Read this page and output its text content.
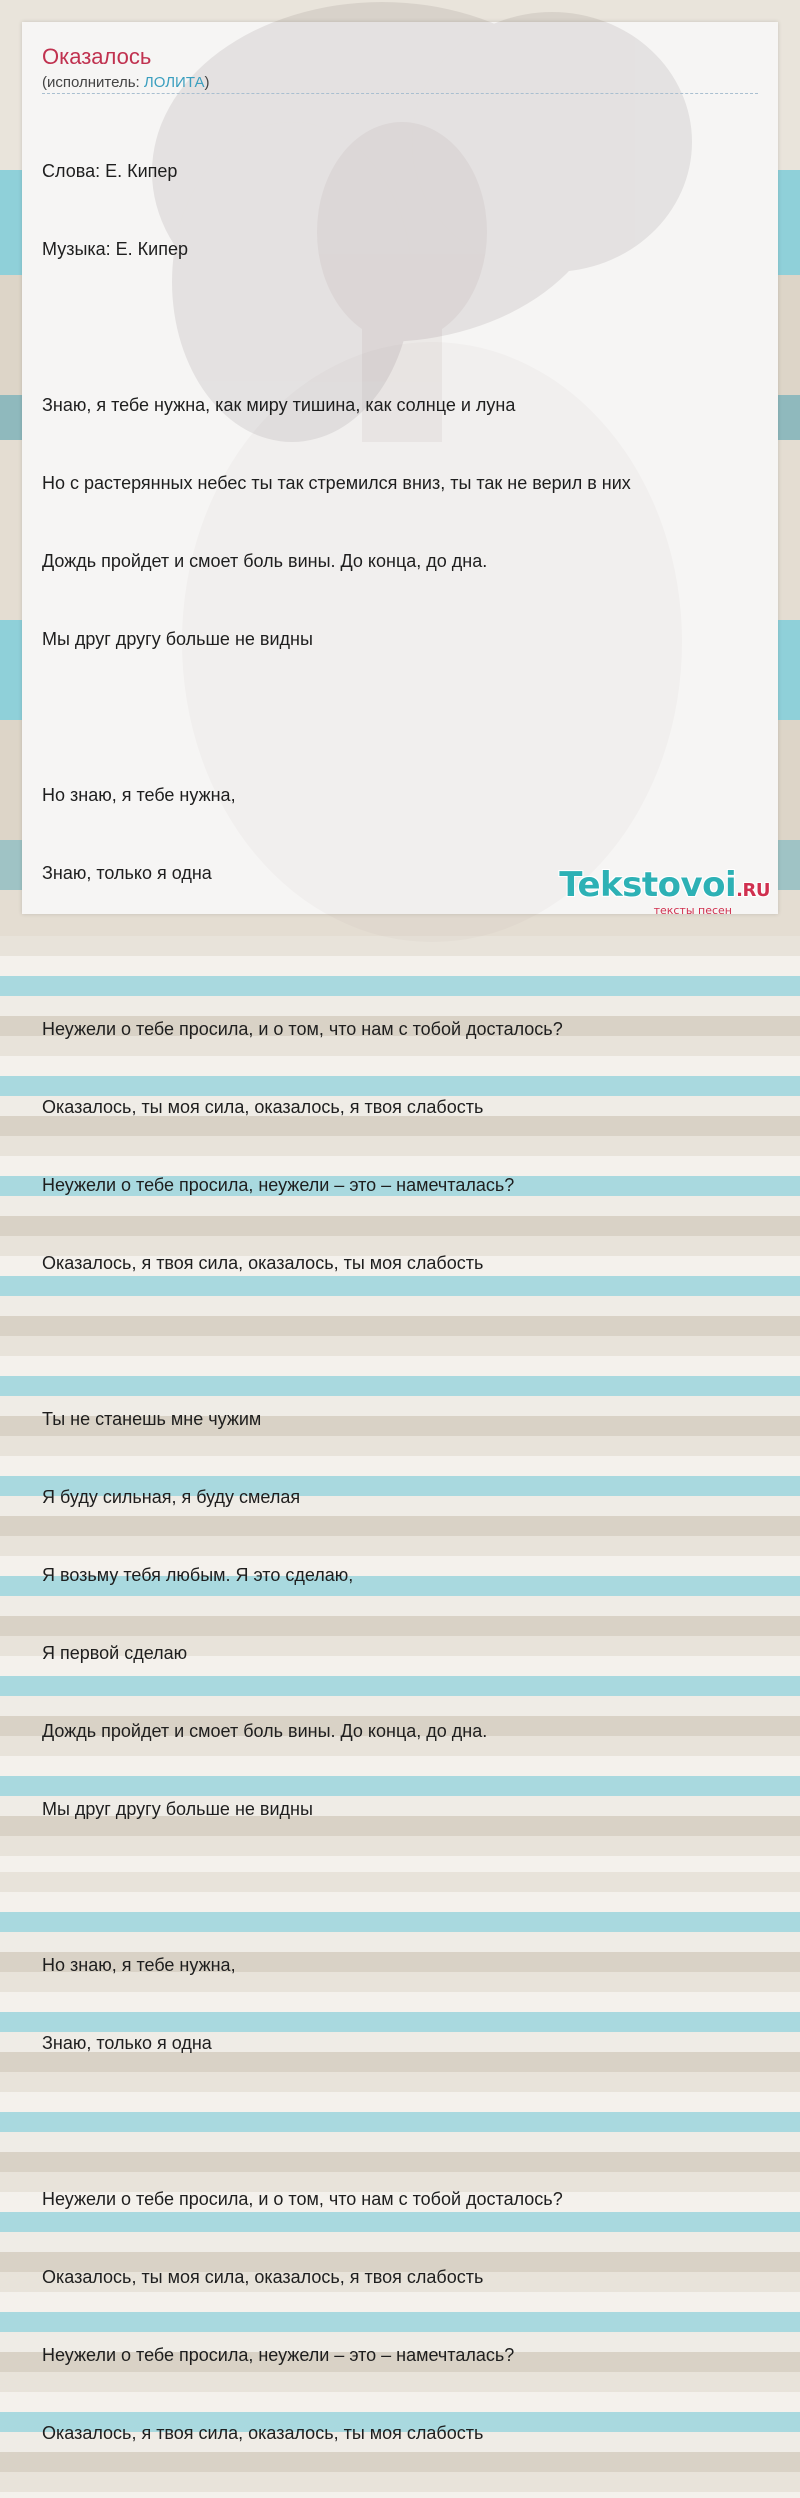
Оказалось
(исполнитель: ЛОЛИТА)

Слова: Е. Кипер

Музыка: Е. Кипер

Знаю, я тебе нужна, как миру тишина, как солнце и луна

Но с растерянных небес ты так стремился вниз, ты так не верил в них

Дождь пройдет и смоет боль вины. До конца, до дна.

Мы друг другу больше не видны

Но знаю, я тебе нужна,

Знаю, только я одна

Неужели о тебе просила, и о том, что нам с тобой досталось?

Оказалось, ты моя сила, оказалось, я твоя слабость

Неужели о тебе просила, неужели – это – намечталась?

Оказалось, я твоя сила, оказалось, ты моя слабость

Ты не станешь мне чужим

Я буду сильная, я буду смелая

Я возьму тебя любым. Я это сделаю,

Я первой сделаю

Дождь пройдет и смоет боль вины. До конца, до дна.

Мы друг другу больше не видны

Но знаю, я тебе нужна,

Знаю, только я одна

Неужели о тебе просила, и о том, что нам с тобой досталось?

Оказалось, ты моя сила, оказалось, я твоя слабость

Неужели о тебе просила, неужели – это – намечталась?

Оказалось, я твоя сила, оказалось, ты моя слабость

Tekstovoi.RU
тексты песен
